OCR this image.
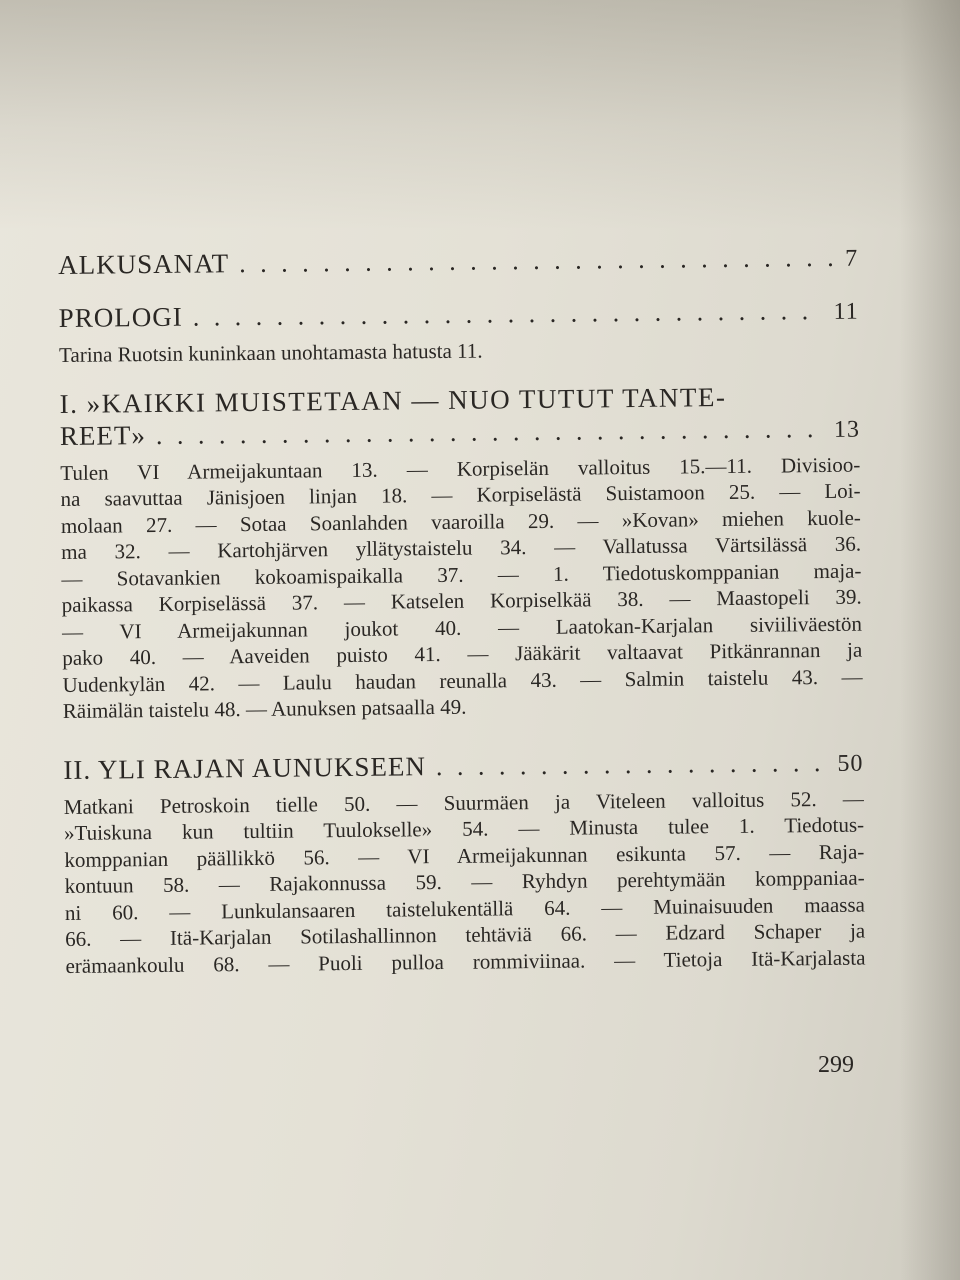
ALKUSANAT . . .	7
PROLOGI . . .	11
Tarina Ruotsin kuninkaan unohtamasta hatusta 11.
I. »KAIKKI MUISTETAAN — NUO TUTUT TANTE-
REET» . . .	13
Tulen VI Armeijakuntaan 13. — Korpiselän valloitus 15.—11. Divisioo-
na saavuttaa Jänisjoen linjan 18. — Korpiselästä Suistamoon 25. — Loi-
molaan 27. — Sotaa Soanlahden vaaroilla 29. — »Kovan» miehen kuole-
ma 32. — Kartohjärven yllätystaistelu 34. — Vallatussa Värtsilässä 36.
— Sotavankien kokoamispaikalla 37. — 1. Tiedotuskomppanian maja-
paikassa Korpiselässä 37. — Katselen Korpiselkää 38. — Maastopeli 39.
— VI Armeijakunnan joukot 40. — Laatokan-Karjalan siviiliväestön
pako 40. — Aaveiden puisto 41. — Jääkärit valtaavat Pitkänrannan ja
Uudenkylän 42. — Laulu haudan reunalla 43. — Salmin taistelu 43. —
Räimälän taistelu 48. — Aunuksen patsaalla 49.
II. YLI RAJAN AUNUKSEEN . . .	50
Matkani Petroskoin tielle 50. — Suurmäen ja Viteleen valloitus 52. —
»Tuiskuna kun tultiin Tuulokselle» 54. — Minusta tulee 1. Tiedotus-
komppanian päällikkö 56. — VI Armeijakunnan esikunta 57. — Raja-
kontuun 58. — Rajakonnussa 59. — Ryhdyn perehtymään komppaniaa-
ni 60. — Lunkulansaaren taistelukentällä 64. — Muinaisuuden maassa
66. — Itä-Karjalan Sotilashallinnon tehtäviä 66. — Edzard Schaper ja
erämaankoulu 68. — Puoli pulloa rommiviinaa. — Tietoja Itä-Karjalasta
299
